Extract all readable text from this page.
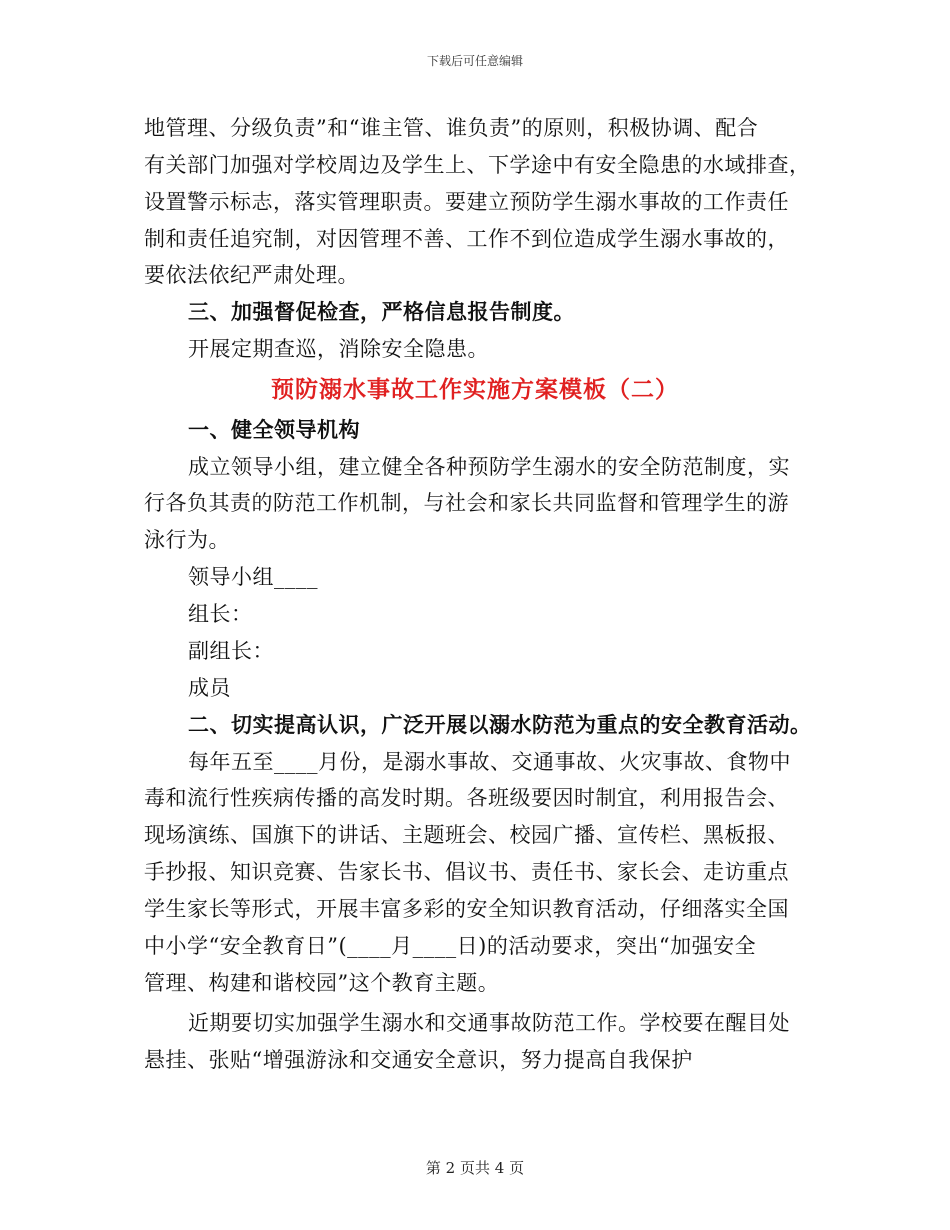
下载后可任意编辑
地管理、分级负责”和“谁主管、谁负责”的原则，积极协调、配合
有关部门加强对学校周边及学生上、下学途中有安全隐患的水域排查，
设置警示标志，落实管理职责。要建立预防学生溺水事故的工作责任
制和责任追究制，对因管理不善、工作不到位造成学生溺水事故的，
要依法依纪严肃处理。
三、加强督促检查，严格信息报告制度。
开展定期查巡，消除安全隐患。
预防溺水事故工作实施方案模板（二）
一、健全领导机构
成立领导小组，建立健全各种预防学生溺水的安全防范制度，实
行各负其责的防范工作机制，与社会和家长共同监督和管理学生的游
泳行为。
领导小组____
组长：
副组长：
成员
二、切实提高认识，广泛开展以溺水防范为重点的安全教育活动。
每年五至____月份，是溺水事故、交通事故、火灾事故、食物中
毒和流行性疾病传播的高发时期。各班级要因时制宜，利用报告会、
现场演练、国旗下的讲话、主题班会、校园广播、宣传栏、黑板报、
手抄报、知识竞赛、告家长书、倡议书、责任书、家长会、走访重点
学生家长等形式，开展丰富多彩的安全知识教育活动，仔细落实全国
中小学“安全教育日”(____月____日)的活动要求，突出“加强安全
管理、构建和谐校园”这个教育主题。
近期要切实加强学生溺水和交通事故防范工作。学校要在醒目处
悬挂、张贴“增强游泳和交通安全意识，努力提高自我保护
第 2 页共 4 页
